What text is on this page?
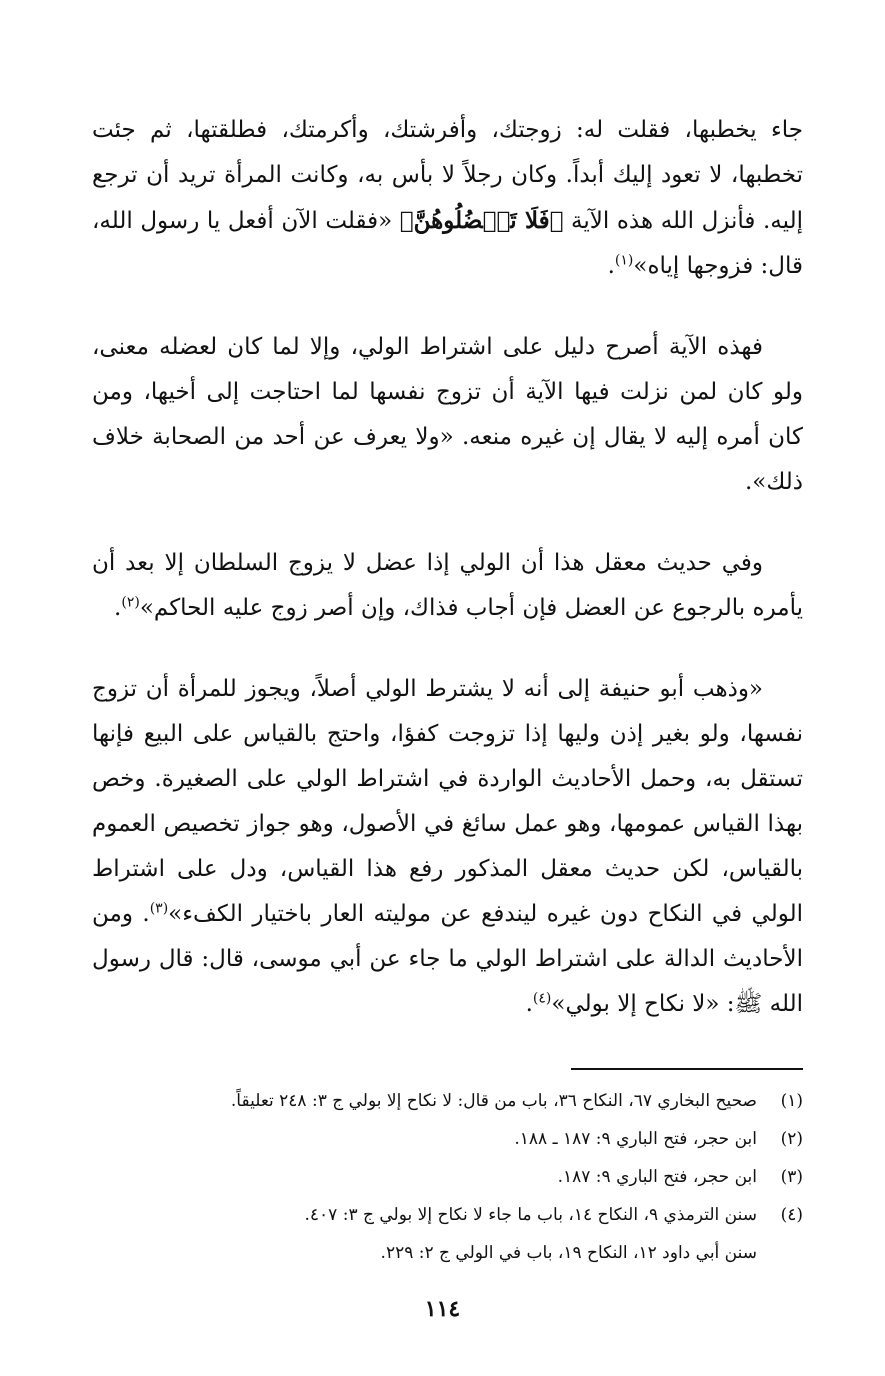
جاء يخطبها، فقلت له: زوجتك، وأفرشتك، وأكرمتك، فطلقتها، ثم جئت تخطبها، لا تعود إليك أبداً. وكان رجلاً لا بأس به، وكانت المرأة تريد أن ترجع إليه. فأنزل الله هذه الآية ﴿فَلَا تَعۡضُلُوهُنَّ﴾ «فقلت الآن أفعل يا رسول الله، قال: فزوجها إياه»$^{(١)}$.

فهذه الآية أصرح دليل على اشتراط الولي، وإلا لما كان لعضله معنى، ولو كان لمن نزلت فيها الآية أن تزوج نفسها لما احتاجت إلى أخيها، ومن كان أمره إليه لا يقال إن غيره منعه. «ولا يعرف عن أحد من الصحابة خلاف ذلك».

وفي حديث معقل هذا أن الولي إذا عضل لا يزوج السلطان إلا بعد أن يأمره بالرجوع عن العضل فإن أجاب فذاك، وإن أصر زوج عليه الحاكم»$^{(٢)}$.

«وذهب أبو حنيفة إلى أنه لا يشترط الولي أصلاً، ويجوز للمرأة أن تزوج نفسها، ولو بغير إذن وليها إذا تزوجت كفؤا، واحتج بالقياس على البيع فإنها تستقل به، وحمل الأحاديث الواردة في اشتراط الولي على الصغيرة. وخص بهذا القياس عمومها، وهو عمل سائغ في الأصول، وهو جواز تخصيص العموم بالقياس، لكن حديث معقل المذكور رفع هذا القياس، ودل على اشتراط الولي في النكاح دون غيره ليندفع عن موليته العار باختيار الكفء»$^{(٣)}$. ومن الأحاديث الدالة على اشتراط الولي ما جاء عن أبي موسى، قال: قال رسول الله ﷺ: «لا نكاح إلا بولي»$^{(٤)}$.

(١)
صحيح البخاري ٦٧، النكاح ٣٦، باب من قال: لا نكاح إلا بولي ج ٣: ٢٤٨ تعليقاً.
(٢)
ابن حجر، فتح الباري ٩: ١٨٧ ـ ١٨٨.
(٣)
ابن حجر، فتح الباري ٩: ١٨٧.
(٤)
سنن الترمذي ٩، النكاح ١٤، باب ما جاء لا نكاح إلا بولي ج ٣: ٤٠٧.
سنن أبي داود ١٢، النكاح ١٩، باب في الولي ج ٢: ٢٢٩.
١١٤
